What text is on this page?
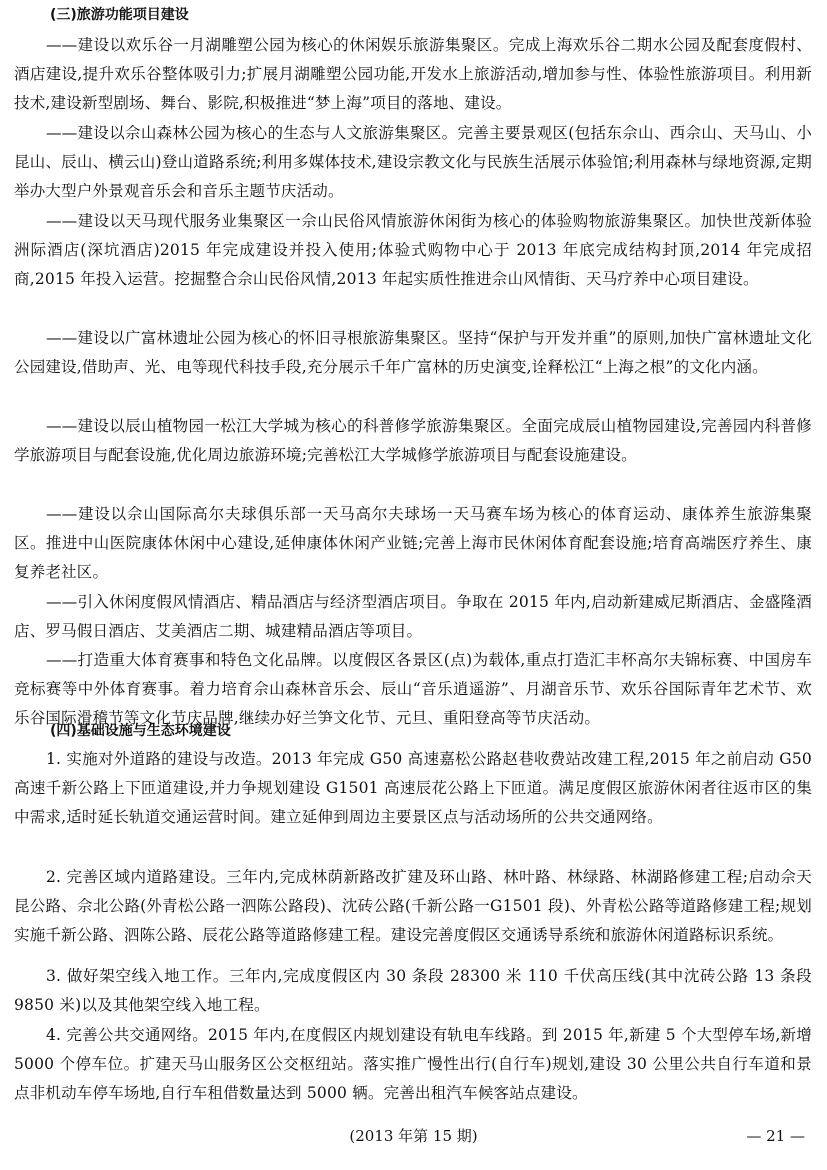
(三)旅游功能项目建设

——建设以欢乐谷一月湖雕塑公园为核心的休闲娱乐旅游集聚区。完成上海欢乐谷二期水公园及配套度假村、酒店建设,提升欢乐谷整体吸引力;扩展月湖雕塑公园功能,开发水上旅游活动,增加参与性、体验性旅游项目。利用新技术,建设新型剧场、舞台、影院,积极推进“梦上海”项目的落地、建设。

——建设以佘山森林公园为核心的生态与人文旅游集聚区。完善主要景观区(包括东佘山、西佘山、天马山、小昆山、辰山、横云山)登山道路系统;利用多媒体技术,建设宗教文化与民族生活展示体验馆;利用森林与绿地资源,定期举办大型户外景观音乐会和音乐主题节庆活动。

——建设以天马现代服务业集聚区一佘山民俗风情旅游休闲街为核心的体验购物旅游集聚区。加快世茂新体验洲际酒店(深坑酒店)2015 年完成建设并投入使用;体验式购物中心于 2013 年底完成结构封顶,2014 年完成招商,2015 年投入运营。挖掘整合佘山民俗风情,2013 年起实质性推进佘山风情街、天马疗养中心项目建设。

——建设以广富林遗址公园为核心的怀旧寻根旅游集聚区。坚持“保护与开发并重”的原则,加快广富林遗址文化公园建设,借助声、光、电等现代科技手段,充分展示千年广富林的历史演变,诠释松江“上海之根”的文化内涵。

——建设以辰山植物园一松江大学城为核心的科普修学旅游集聚区。全面完成辰山植物园建设,完善园内科普修学旅游项目与配套设施,优化周边旅游环境;完善松江大学城修学旅游项目与配套设施建设。

——建设以佘山国际高尔夫球俱乐部一天马高尔夫球场一天马赛车场为核心的体育运动、康体养生旅游集聚区。推进中山医院康体休闲中心建设,延伸康体休闲产业链;完善上海市民休闲体育配套设施;培育高端医疗养生、康复养老社区。

——引入休闲度假风情酒店、精品酒店与经济型酒店项目。争取在 2015 年内,启动新建威尼斯酒店、金盛隆酒店、罗马假日酒店、艾美酒店二期、城建精品酒店等项目。

——打造重大体育赛事和特色文化品牌。以度假区各景区(点)为载体,重点打造汇丰杯高尔夫锦标赛、中国房车竞标赛等中外体育赛事。着力培育佘山森林音乐会、辰山“音乐逍遥游”、月湖音乐节、欢乐谷国际青年艺术节、欢乐谷国际滑稽节等文化节庆品牌,继续办好兰笋文化节、元旦、重阳登高等节庆活动。

(四)基础设施与生态环境建设

1. 实施对外道路的建设与改造。2013 年完成 G50 高速嘉松公路赵巷收费站改建工程,2015 年之前启动 G50 高速千新公路上下匝道建设,并力争规划建设 G1501 高速辰花公路上下匝道。满足度假区旅游休闲者往返市区的集中需求,适时延长轨道交通运营时间。建立延伸到周边主要景区点与活动场所的公共交通网络。

2. 完善区域内道路建设。三年内,完成林荫新路改扩建及环山路、林叶路、林绿路、林湖路修建工程;启动佘天昆公路、佘北公路(外青松公路一泗陈公路段)、沈砖公路(千新公路一G1501 段)、外青松公路等道路修建工程;规划实施千新公路、泗陈公路、辰花公路等道路修建工程。建设完善度假区交通诱导系统和旅游休闲道路标识系统。

3. 做好架空线入地工作。三年内,完成度假区内 30 条段 28300 米 110 千伏高压线(其中沈砖公路 13 条段 9850 米)以及其他架空线入地工程。

4. 完善公共交通网络。2015 年内,在度假区内规划建设有轨电车线路。到 2015 年,新建 5 个大型停车场,新增 5000 个停车位。扩建天马山服务区公交枢纽站。落实推广慢性出行(自行车)规划,建设 30 公里公共自行车道和景点非机动车停车场地,自行车租借数量达到 5000 辆。完善出租汽车候客站点建设。

(2013 年第 15 期)	— 21 —
